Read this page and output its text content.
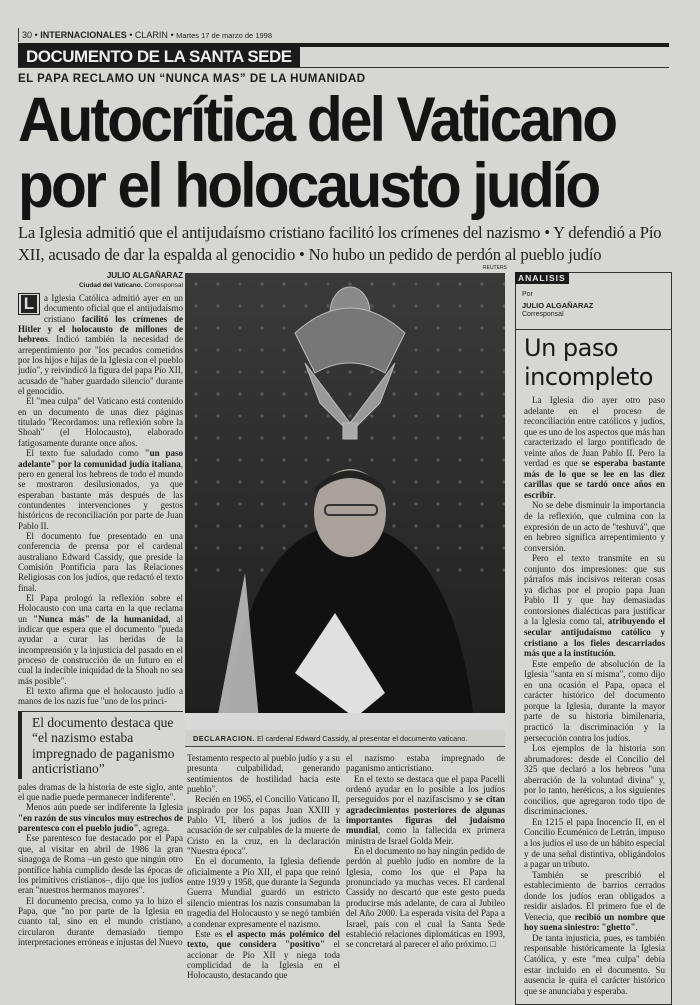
30 • INTERNACIONALES • CLARIN • Martes 17 de marzo de 1998
DOCUMENTO DE LA SANTA SEDE
EL PAPA RECLAMO UN “NUNCA MAS” DE LA HUMANIDAD
Autocrítica del Vaticano
por el holocausto judío
La Iglesia admitió que el antijudaísmo cristiano facilitó los crímenes del nazismo • Y defendió a Pío XII, acusado de dar la espalda al genocidio • No hubo un pedido de perdón al pueblo judío
JULIO ALGAÑARAZ
Ciudad del Vaticano. Corresponsal
L	a Iglesia Católica admitió ayer en un documento oficial que el antijudaísmo cristiano facilitó los crímenes de Hitler y el holocausto de millones de hebreos. Indicó también la necesidad de arrepentimiento por "los pecados cometidos por los hijos e hijas de la Iglesia con el pueblo judío", y reivindicó la figura del papa Pío XII, acusado de "haber guardado silencio" durante el genocidio.

El "mea culpa" del Vaticano está contenido en un documento de unas diez páginas titulado "Recordamos: una reflexión sobre la Shoah" (el Holocausto), elaborado fatigosamente durante once años.

El texto fue saludado como "un paso adelante" por la comunidad judía italiana, pero en general los hebreos de todo el mundo se mostraron desilusionados, ya que esperaban bastante más después de las contundentes intervenciones y gestos históricos de reconciliación por parte de Juan Pablo II.

El documento fue presentado en una conferencia de prensa por el cardenal australiano Edward Cassidy, que preside la Comisión Pontificia para las Relaciones Religiosas con los judíos, que redactó el texto final.

El Papa prologó la reflexión sobre el Holocausto con una carta en la que reclama un "Nunca más" de la humanidad, al indicar que espera que el documento "pueda ayudar a curar las heridas de la incomprensión y la injusticia del pasado en el proceso de construcción de un futuro en el cual la indecible iniquidad de la Shoah no sea más posible".

El texto afirma que el holocausto judío a manos de los nazis fue "uno de los princi-

El documento destaca que “el nazismo estaba impregnado de paganismo anticristiano”

pales dramas de la historia de este siglo, ante el que nadie puede permanecer indiferente".

Menos aún puede ser indiferente la Iglesia "en razón de sus vínculos muy estrechos de parentesco con el pueblo judío", agrega.

Ese parentesco fue destacado por el Papa que, al visitar en abril de 1986 la gran sinagoga de Roma –un gesto que ningún otro pontífice había cumplido desde las épocas de los primitivos cristianos–, dijo que los judíos eran "nuestros hermanos mayores".

El documento precisa, como ya lo hizo el Papa, que "no por parte de la Iglesia en cuanto tal, sino en el mundo cristiano, circularon durante demasiado tiempo interpretaciones erróneas e injustas del Nuevo

REUTERS
DECLARACION. El cardenal Edward Cassidy, al presentar el documento vaticano.

Testamento respecto al pueblo judío y a su presunta culpabilidad, generando sentimientos de hostilidad hacia este pueblo".

Recién en 1965, el Concilio Vaticano II, inspirado por los papas Juan XXIII y Pablo VI, liberó a los judíos de la acusación de ser culpables de la muerte de Cristo en la cruz, en la declaración "Nuestra época".

En el documento, la Iglesia defiende oficialmente a Pío XII, el papa que reinó entre 1939 y 1958, que durante la Segunda Guerra Mundial guardó un estricto silencio mientras los nazis consumaban la tragedia del Holocausto y se negó también a condenar expresamente el nazismo.

Este es el aspecto más polémico del texto, que considera "positivo" el accionar de Pío XII y niega toda complicidad de la Iglesia en el Holocausto, destacando que

el nazismo estaba impregnado de paganismo anticristiano.

En el texto se destaca que el papa Pacelli ordenó ayudar en lo posible a los judíos perseguidos por el nazifascismo y se citan agradecimientos posteriores de algunas importantes figuras del judaísmo mundial, como la fallecida ex primera ministra de Israel Golda Meir.

En el documento no hay ningún pedido de perdón al pueblo judío en nombre de la Iglesia, como los que el Papa ha pronunciado ya muchas veces. El cardenal Cassidy no descartó que este gesto pueda producirse más adelante, de cara al Jubileo del Año 2000. La esperada visita del Papa a Israel, país con el cual la Santa Sede estableció relaciones diplomáticas en 1993, se concretará al parecer el año próximo. □

ANALISIS
Por
JULIO ALGAÑARAZ
Corresponsal
Un paso incompleto

La Iglesia dio ayer otro paso adelante en el proceso de reconciliación entre católicos y judíos, que es uno de los aspectos que más han caracterizado el largo pontificado de veinte años de Juan Pablo II. Pero la verdad es que se esperaba bastante más de lo que se lee en las diez carillas que se tardó once años en escribir.

No se debe disminuir la importancia de la reflexión, que culmina con la expresión de un acto de "teshuvá", que en hebreo significa arrepentimiento y conversión.

Pero el texto transmite en su conjunto dos impresiones: que sus párrafos más incisivos reiteran cosas ya dichas por el propio papa Juan Pablo II y que hay demasiadas contorsiones dialécticas para justificar a la Iglesia como tal, atribuyendo el secular antijudaísmo católico y cristiano a los fieles descarriados más que a la institución.

Este empeño de absolución de la Iglesia "santa en sí misma", como dijo en una ocasión el Papa, opaca el carácter histórico del documento porque la Iglesia, durante la mayor parte de su historia bimilenaria, practicó la discriminación y la persecución contra los judíos.

Los ejemplos de la historia son abrumadores: desde el Concilio del 325 que declaró a los hebreos "una aberración de la voluntad divina" y, por lo tanto, heréticos, a los siguientes concilios, que agregaron todo tipo de discriminaciones.

En 1215 el papa Inocencio II, en el Concilio Ecuménico de Letrán, impuso a los judíos el uso de un hábito especial y de una señal distintiva, obligándolos a pagar un tributo.

También se prescribió el establecimiento de barrios cerrados donde los judíos eran obligados a residir aislados. El primero fue el de Venecia, que recibió un nombre que hoy suena siniestro: "ghetto".

De tanta injusticia, pues, es también responsable históricamente la Iglesia Católica, y este "mea culpa" debía estar incluido en el documento. Su ausencia le quita el carácter histórico que se anunciaba y esperaba.
